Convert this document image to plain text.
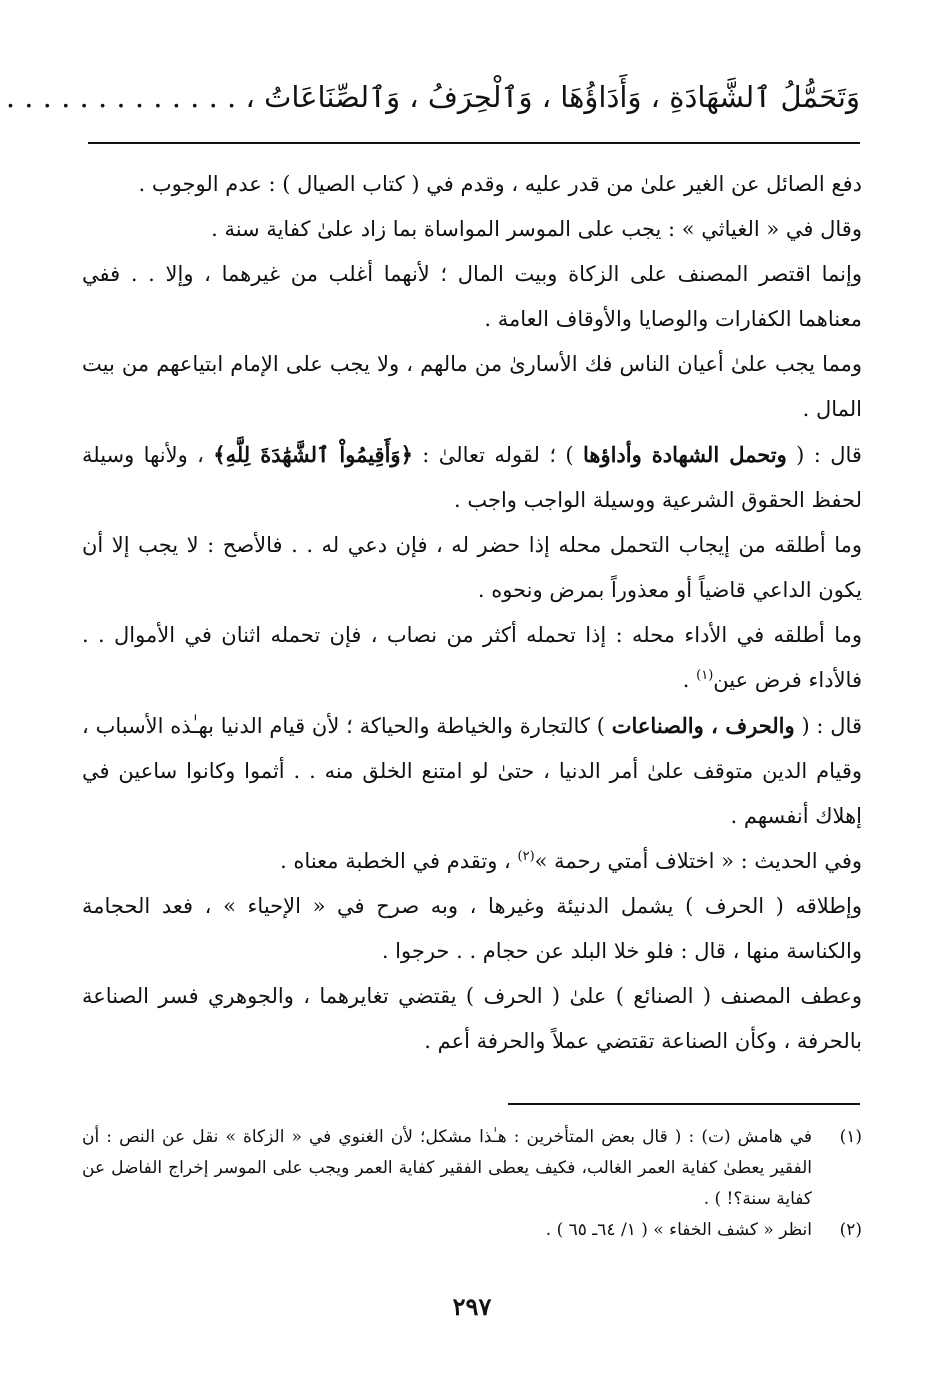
وَتَحَمُّلُ ٱلشَّهَادَةِ ، وَأَدَاؤُهَا ، وَٱلْحِرَفُ ، وَٱلصِّنَاعَاتُ ، . . . . . . . . . . . . .

دفع الصائل عن الغير علىٰ من قدر عليه ، وقدم في ( كتاب الصيال ) : عدم الوجوب .

وقال في « الغياثي » : يجب على الموسر المواساة بما زاد علىٰ كفاية سنة .

وإنما اقتصر المصنف على الزكاة وبيت المال ؛ لأنهما أغلب من غيرهما ، وإلا . . ففي معناهما الكفارات والوصايا والأوقاف العامة .

ومما يجب علىٰ أعيان الناس فك الأسارىٰ من مالهم ، ولا يجب على الإمام ابتياعهم من بيت المال .

قال : ( وتحمل الشهادة وأداؤها ) ؛ لقوله تعالىٰ : ﴿وَأَقِيمُواْ ٱلشَّهَٰدَةَ لِلَّهِ﴾ ، ولأنها وسيلة لحفظ الحقوق الشرعية ووسيلة الواجب واجب .

وما أطلقه من إيجاب التحمل محله إذا حضر له ، فإن دعي له . . فالأصح : لا يجب إلا أن يكون الداعي قاضياً أو معذوراً بمرض ونحوه .

وما أطلقه في الأداء محله : إذا تحمله أكثر من نصاب ، فإن تحمله اثنان في الأموال . . فالأداء فرض عين$^{(١)}$ .

قال : ( والحرف ، والصناعات ) كالتجارة والخياطة والحياكة ؛ لأن قيام الدنيا بهـٰذه الأسباب ، وقيام الدين متوقف علىٰ أمر الدنيا ، حتىٰ لو امتنع الخلق منه . . أثموا وكانوا ساعين في إهلاك أنفسهم .

وفي الحديث : « اختلاف أمتي رحمة »$^{(٢)}$ ، وتقدم في الخطبة معناه .

وإطلاقه ( الحرف ) يشمل الدنيئة وغيرها ، وبه صرح في « الإحياء » ، فعد الحجامة والكناسة منها ، قال : فلو خلا البلد عن حجام . . حرجوا .

وعطف المصنف ( الصنائع ) علىٰ ( الحرف ) يقتضي تغايرهما ، والجوهري فسر الصناعة بالحرفة ، وكأن الصناعة تقتضي عملاً والحرفة أعم .

(١)
في هامش (ت) : ( قال بعض المتأخرين : هـٰذا مشكل؛ لأن الغنوي في « الزكاة » نقل عن النص : أن الفقير يعطىٰ كفاية العمر الغالب، فكيف يعطى الفقير كفاية العمر ويجب على الموسر إخراج الفاضل عن كفاية سنة؟! ) .
(٢)
انظر « كشف الخفاء » ( ١/ ٦٤ـ ٦٥ ) .
٢٩٧
